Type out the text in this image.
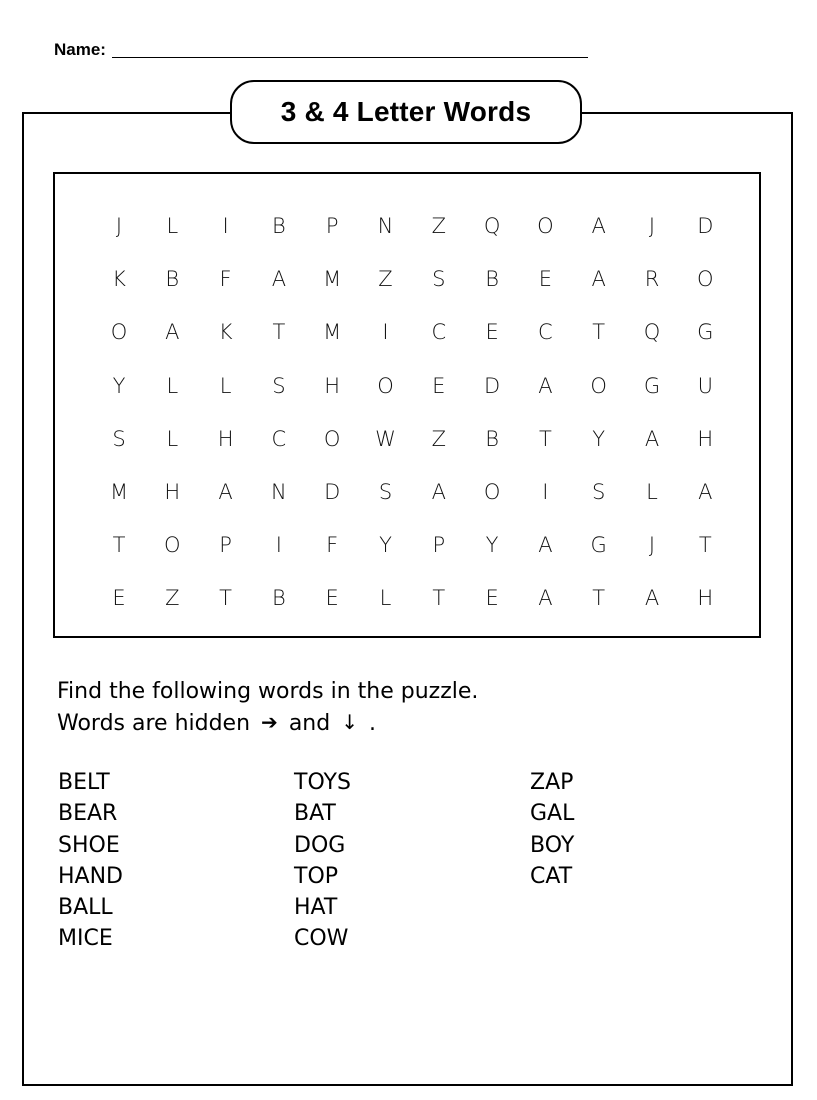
Name:
3 & 4 Letter Words
J	L	I	B	P	N	Z	Q	O	A	J	D
K	B	F	A	M	Z	S	B	E	A	R	O
O	A	K	T	M	I	C	E	C	T	Q	G
Y	L	L	S	H	O	E	D	A	O	G	U
S	L	H	C	O	W	Z	B	T	Y	A	H
M	H	A	N	D	S	A	O	I	S	L	A
T	O	P	I	F	Y	P	Y	A	G	J	T
E	Z	T	B	E	L	T	E	A	T	A	H
Find the following words in the puzzle.
Words are hidden ➔ and ↓ .
BELT
BEAR
SHOE
HAND
BALL
MICE
TOYS
BAT
DOG
TOP
HAT
COW
ZAP
GAL
BOY
CAT
